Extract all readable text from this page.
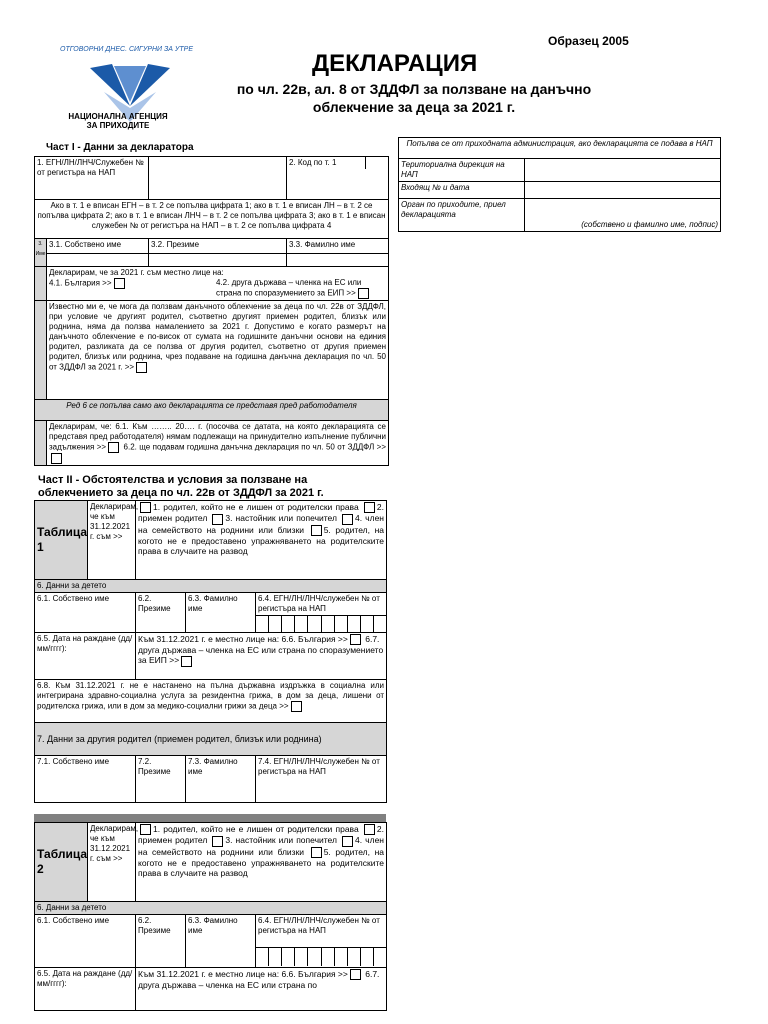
Образец 2005
ОТГОВОРНИ ДНЕС. СИГУРНИ ЗА УТРЕ
НАЦИОНАЛНА АГЕНЦИЯ
ЗА ПРИХОДИТЕ
ДЕКЛАРАЦИЯ
по чл. 22в, ал. 8 от ЗДДФЛ за ползване на данъчно
облекчение за деца за 2021 г.
Попълва се от приходната администрация, ако декларацията се подава в НАП	
Териториална дирекция на НАП	
Входящ № и дата	
Орган по приходите, приел декларацията	(собствено и фамилно име, подпис)
Част I - Данни за декларатора
1. ЕГН/ЛН/ЛНЧ/Служебен № от регистъра на НАП			2. Код по т. 1

Ако в т. 1 е вписан ЕГН – в т. 2 се попълва цифрата 1; ако в т. 1 е вписан ЛН – в т. 2 се попълва цифрата 2; ако в т. 1 е вписан ЛНЧ – в т. 2 се попълва цифрата 3; ако в т. 1 е вписан служебен № от регистъра на НАП – в т. 2 се попълва цифрата 4			
3. Име	3.1. Собствено име	3.2. Презиме	3.3. Фамилно име

	Декларирам, че за 2021 г. съм местно лице на:
4.1. България >> 4.2. друга държава – членка на ЕС или страна по споразумението за ЕИП >>		

	Известно ми е, че мога да ползвам данъчното облекчение за деца по чл. 22в от ЗДДФЛ, при условие че другият родител, съответно другият приемен родител, близък или роднина, няма да ползва намалението за 2021 г. Допустимо е когато размерът на данъчното облекчение е по-висок от сумата на годишните данъчни основи на единия родител, разликата да се ползва от другия родител, съответно от другия приемен родител, близък или роднина, чрез подаване на годишна данъчна декларация по чл. 50 от ЗДДФЛ за 2021 г. >>		
Ред 6 се попълва само ако декларацията се представя пред работодателя			
	Декларирам, че: 6.1. Към …….. 20…. г. (посочва се датата, на която декларацията се представя пред работодателя) нямам подлежащи на принудително изпълнение публични задължения >> 6.2. ще подавам годишна данъчна декларация по чл. 50 от ЗДДФЛ >>		
Част II - Обстоятелства и условия за ползване на
облекчението за деца по чл. 22в от ЗДДФЛ за 2021 г.
Таблица 1	Декларирам, че към 31.12.2021 г. съм >>	1. родител, който не е лишен от родителски права 2. приемен родител 3. настойник или попечител 4. член на семейството на роднини или близки 5. родител, на когото не е предоставено упражняването на родителските права в случаите на развод		
6. Данни за детето				
6.1. Собствено име		6.2. Презиме	6.3. Фамилно име	6.4. ЕГН/ЛН/ЛНЧ/служебен № от регистъра на НАП

6.5. Дата на раждане (дд/мм/гггг):		Към 31.12.2021 г. е местно лице на: 6.6. България >> 6.7. друга държава – членка на ЕС или страна по споразумението за ЕИП >>		
6.8. Към 31.12.2021 г. не е настанено на пълна държавна издръжка в социална или интегрирана здравно-социална услуга за резидентна грижа, в дом за деца, лишени от родителска грижа, или в дом за медико-социални грижи за деца >>				
7. Данни за другия родител (приемен родител, близък или роднина)				
7.1. Собствено име		7.2. Презиме	7.3. Фамилно име	7.4. ЕГН/ЛН/ЛНЧ/служебен № от регистъра на НАП
Таблица 2	Декларирам, че към 31.12.2021 г. съм >>	1. родител, който не е лишен от родителски права 2. приемен родител 3. настойник или попечител 4. член на семейството на роднини или близки 5. родител, на когото не е предоставено упражняването на родителските права в случаите на развод		
6. Данни за детето				
6.1. Собствено име		6.2. Презиме	6.3. Фамилно име	6.4. ЕГН/ЛН/ЛНЧ/служебен № от регистъра на НАП

6.5. Дата на раждане (дд/мм/гггг):		Към 31.12.2021 г. е местно лице на: 6.6. България >> 6.7. друга държава – членка на ЕС или страна по		
